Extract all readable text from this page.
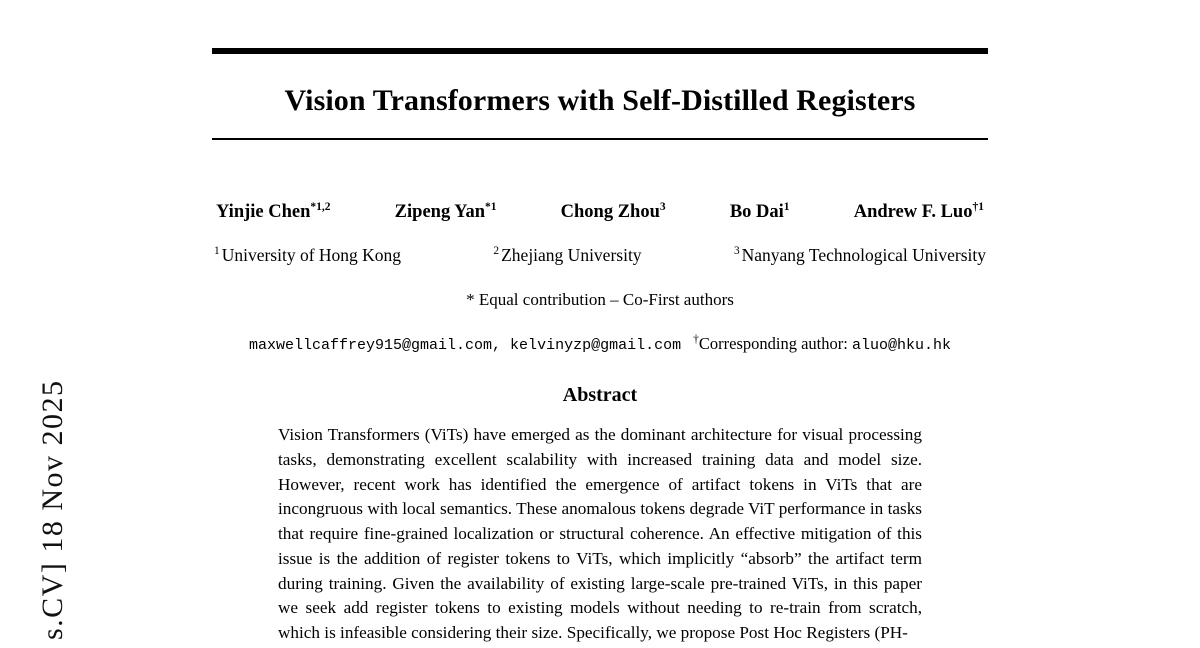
s.CV] 18 Nov 2025
Vision Transformers with Self-Distilled Registers
Yinjie Chen$^{*1,2}$	Zipeng Yan$^{*1}$	Chong Zhou$^3$	Bo Dai$^1$	Andrew F. Luo$^{\dagger 1}$
$^1$ University of Hong Kong	$^2$ Zhejiang University	$^3$ Nanyang Technological University
* Equal contribution – Co-First authors
maxwellcaffrey915@gmail.com, kelvinyzp@gmail.com †Corresponding author: aluo@hku.hk
Abstract

Vision Transformers (ViTs) have emerged as the dominant architecture for visual processing tasks, demonstrating excellent scalability with increased training data and model size. However, recent work has identified the emergence of artifact tokens in ViTs that are incongruous with local semantics. These anomalous tokens degrade ViT performance in tasks that require fine-grained localization or structural coherence. An effective mitigation of this issue is the addition of register tokens to ViTs, which implicitly “absorb” the artifact term during training. Given the availability of existing large-scale pre-trained ViTs, in this paper we seek add register tokens to existing models without needing to re-train from scratch, which is infeasible considering their size. Specifically, we propose Post Hoc Registers (PH-
